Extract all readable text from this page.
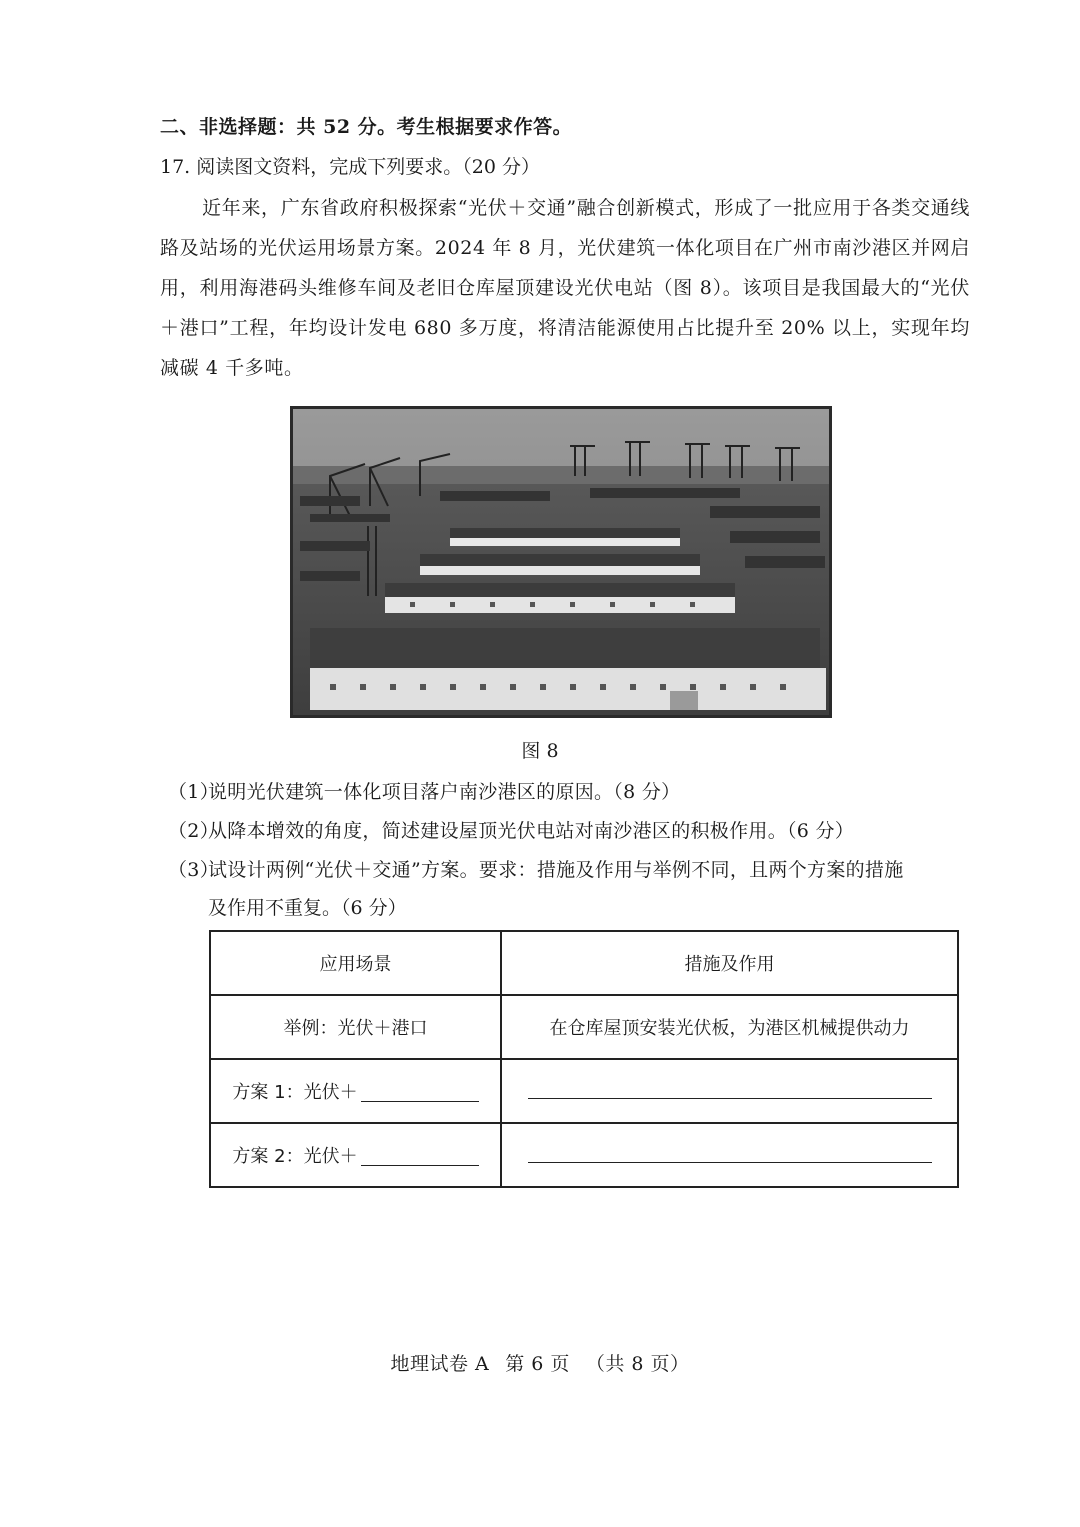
二、非选择题：共 52 分。考生根据要求作答。
17. 阅读图文资料，完成下列要求。（20 分）

近年来，广东省政府积极探索“光伏＋交通”融合创新模式，形成了一批应用于各类交通线路及站场的光伏运用场景方案。2024 年 8 月，光伏建筑一体化项目在广州市南沙港区并网启用，利用海港码头维修车间及老旧仓库屋顶建设光伏电站（图 8）。该项目是我国最大的“光伏＋港口”工程，年均设计发电 680 多万度，将清洁能源使用占比提升至 20% 以上，实现年均减碳 4 千多吨。

图 8
（1）说明光伏建筑一体化项目落户南沙港区的原因。（8 分）
（2）从降本增效的角度，简述建设屋顶光伏电站对南沙港区的积极作用。（6 分）
（3）试设计两例“光伏＋交通”方案。要求：措施及作用与举例不同，且两个方案的措施
及作用不重复。（6 分）
应用场景	措施及作用
举例：光伏＋港口	在仓库屋顶安装光伏板，为港区机械提供动力
方案 1：光伏＋	

方案 2：光伏＋	
地理试卷 A 第 6 页 （共 8 页）
